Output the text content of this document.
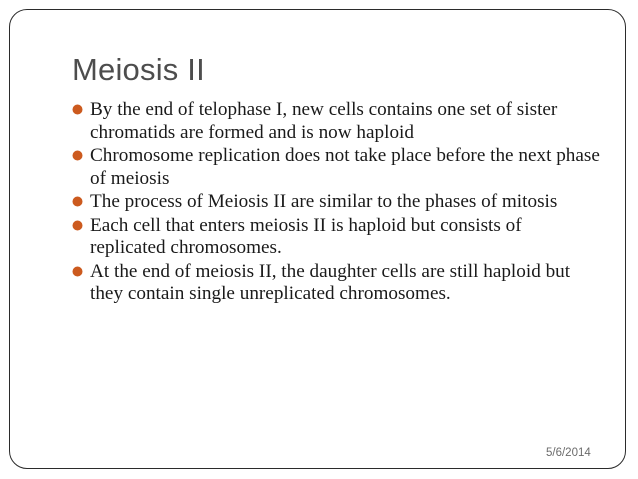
Meiosis II
By the end of telophase I, new cells contains one set of sister chromatids are formed and is now haploid
Chromosome replication does not take place before the next phase of meiosis
The process of Meiosis II are similar to the phases of mitosis
Each cell that enters meiosis II is haploid but consists of replicated chromosomes.
At the end of meiosis II, the daughter cells are still haploid but they contain single unreplicated chromosomes.
5/6/2014
